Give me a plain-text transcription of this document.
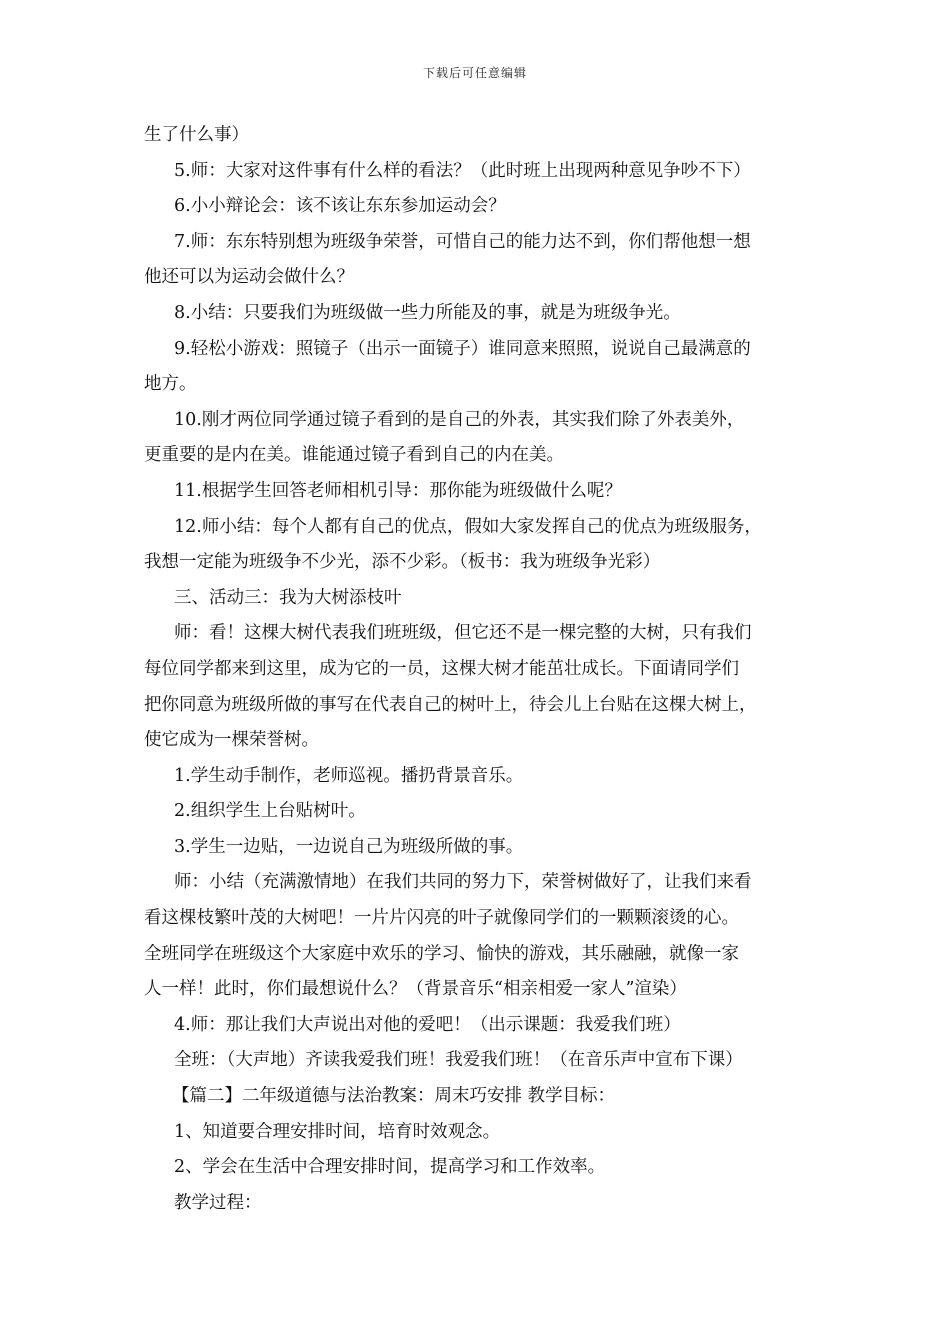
下载后可任意编辑
生了什么事）
5.师：大家对这件事有什么样的看法？（此时班上出现两种意见争吵不下）
6.小小辩论会：该不该让东东参加运动会？
7.师：东东特别想为班级争荣誉，可惜自己的能力达不到，你们帮他想一想
他还可以为运动会做什么？
8.小结：只要我们为班级做一些力所能及的事，就是为班级争光。
9.轻松小游戏：照镜子（出示一面镜子）谁同意来照照，说说自己最满意的
地方。
10.刚才两位同学通过镜子看到的是自己的外表，其实我们除了外表美外，
更重要的是内在美。谁能通过镜子看到自己的内在美。
11.根据学生回答老师相机引导：那你能为班级做什么呢？
12.师小结：每个人都有自己的优点，假如大家发挥自己的优点为班级服务，
我想一定能为班级争不少光，添不少彩。（板书：我为班级争光彩）
三、活动三：我为大树添枝叶
师：看！这棵大树代表我们班班级，但它还不是一棵完整的大树，只有我们
每位同学都来到这里，成为它的一员，这棵大树才能茁壮成长。下面请同学们
把你同意为班级所做的事写在代表自己的树叶上，待会儿上台贴在这棵大树上，
使它成为一棵荣誉树。
1.学生动手制作，老师巡视。播扔背景音乐。
2.组织学生上台贴树叶。
3.学生一边贴，一边说自己为班级所做的事。
师：小结（充满激情地）在我们共同的努力下，荣誉树做好了，让我们来看
看这棵枝繁叶茂的大树吧！一片片闪亮的叶子就像同学们的一颗颗滚烫的心。
全班同学在班级这个大家庭中欢乐的学习、愉快的游戏，其乐融融，就像一家
人一样！此时，你们最想说什么？（背景音乐“相亲相爱一家人”渲染）
4.师：那让我们大声说出对他的爱吧！（出示课题：我爱我们班）
全班：（大声地）齐读我爱我们班！我爱我们班！（在音乐声中宣布下课）
【篇二】二年级道德与法治教案：周末巧安排 教学目标：
1、知道要合理安排时间，培育时效观念。
2、学会在生活中合理安排时间，提高学习和工作效率。
教学过程：
